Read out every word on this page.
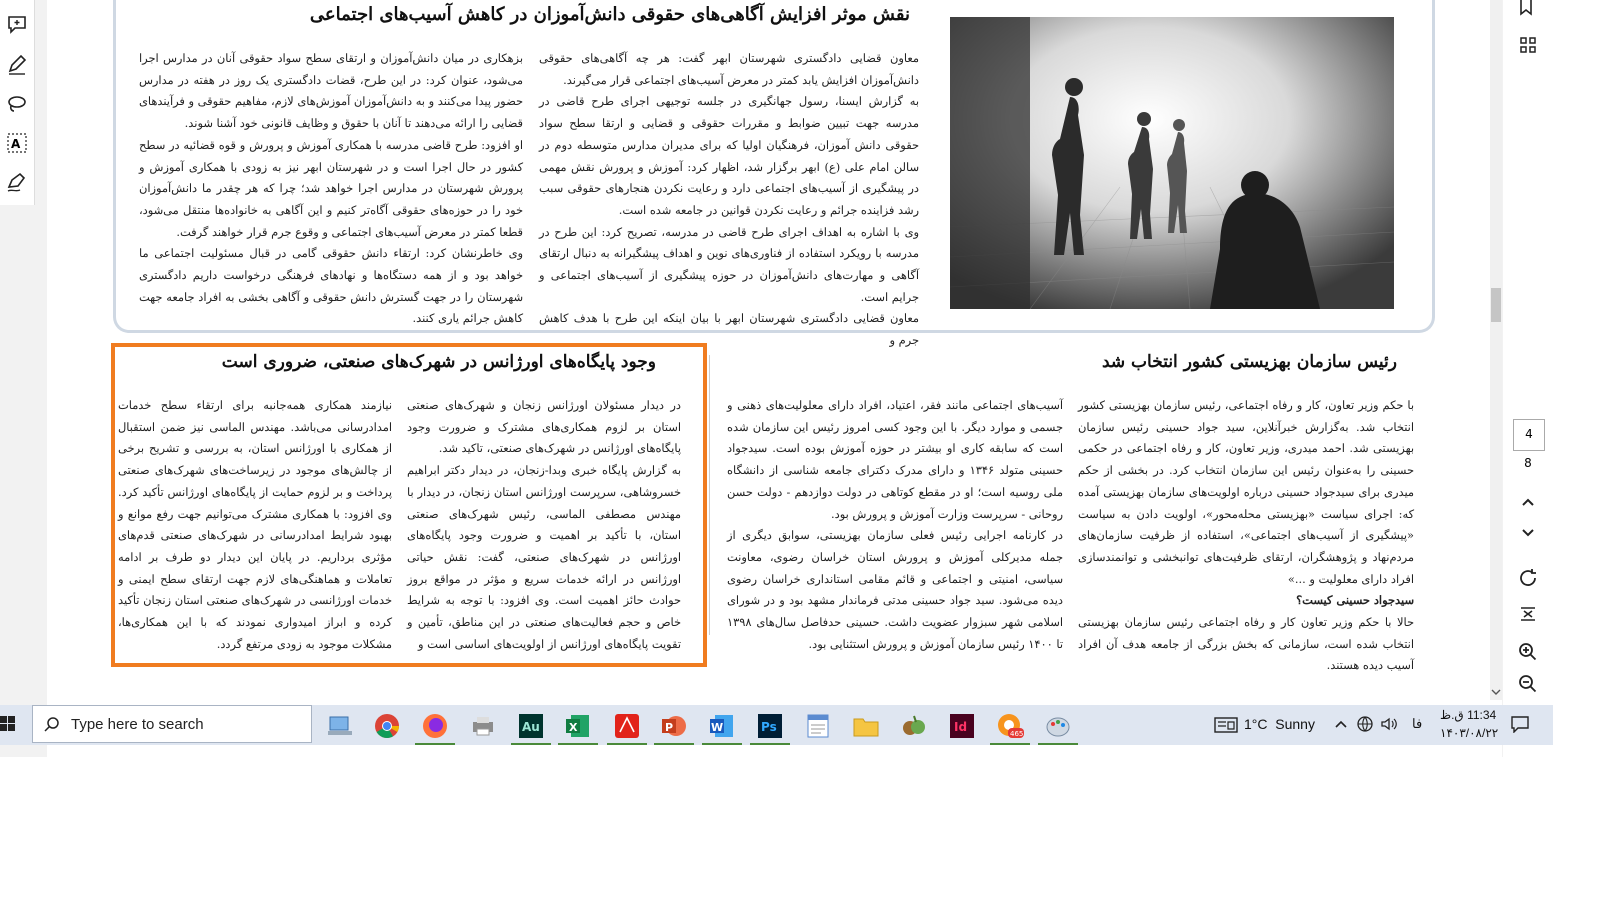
A
نقش موثر افزایش آگاهی‌های حقوقی دانش‌آموزان در کاهش آسیب‌های اجتماعی

معاون قضایی دادگستری شهرستان ابهر گفت: هر چه آگاهی‌های حقوقی دانش‌آموزان افزایش یابد کمتر در معرض آسیب‌های اجتماعی قرار می‌گیرند.

به گزارش ایسنا، رسول جهانگیری در جلسه توجیهی اجرای طرح قاضی در مدرسه جهت تبیین ضوابط و مقررات حقوقی و قضایی و ارتقا سطح سواد حقوقی دانش آموزان، فرهنگیان اولیا که برای مدیران مدارس متوسطه دوم در سالن امام علی (ع) ابهر برگزار شد، اظهار کرد: آموزش و پرورش نقش مهمی در پیشگیری از آسیب‌های اجتماعی دارد و رعایت نکردن هنجارهای حقوقی سبب رشد فزاینده جرائم و رعایت نکردن قوانین در جامعه شده است.

وی با اشاره به اهداف اجرای طرح قاضی در مدرسه، تصریح کرد: این طرح در مدرسه با رویکرد استفاده از فناوری‌های نوین و اهداف پیشگیرانه به دنبال ارتقای آگاهی و مهارت‌های دانش‌آموزان در حوزه پیشگیری از آسیب‌های اجتماعی و جرایم است.

معاون قضایی دادگستری شهرستان ابهر با بیان اینکه این طرح با هدف کاهش جرم و

بزهکاری در میان دانش‌آموزان و ارتقای سطح سواد حقوقی آنان در مدارس اجرا می‌شود، عنوان کرد: در این طرح، قضات دادگستری یک روز در هفته در مدارس حضور پیدا می‌کنند و به دانش‌آموزان آموزش‌های لازم، مفاهیم حقوقی و فرآیندهای قضایی را ارائه می‌دهند تا آنان با حقوق و وظایف قانونی خود آشنا شوند.

او افزود: طرح قاضی مدرسه با همکاری آموزش و پرورش و قوه قضائیه در سطح کشور در حال اجرا است و در شهرستان ابهر نیز به زودی با همکاری آموزش و پرورش شهرستان در مدارس اجرا خواهد شد؛ چرا که هر چقدر ما دانش‌آموزان خود را در حوزه‌های حقوقی آگاه‌تر کنیم و این آگاهی به خانواده‌ها منتقل می‌شود، قطعا کمتر در معرض آسیب‌های اجتماعی و وقوع جرم قرار خواهند گرفت.

وی خاطرنشان کرد: ارتقاء دانش حقوقی گامی در قبال مسئولیت اجتماعی ما خواهد بود و از همه دستگاه‌ها و نهادهای فرهنگی درخواست داریم دادگستری شهرستان را در جهت گسترش دانش حقوقی و آگاهی بخشی به افراد جامعه جهت کاهش جرائم یاری کنند.

رئیس سازمان بهزیستی کشور انتخاب شد

با حکم وزیر تعاون، کار و رفاه اجتماعی، رئیس سازمان بهزیستی کشور انتخاب شد. به‌گزارش خبرآنلاین، سید جواد حسینی رئیس سازمان بهزیستی شد. احمد میدری، وزیر تعاون، کار و رفاه اجتماعی در حکمی حسینی را به‌عنوان رئیس این سازمان انتخاب کرد. در بخشی از حکم میدری برای سیدجواد حسینی درباره اولویت‌های سازمان بهزیستی آمده که: اجرای سیاست «بهزیستی محله‌محور»، اولویت دادن به سیاست «پیشگیری از آسیب‌های اجتماعی»، استفاده از ظرفیت سازمان‌های مردم‌نهاد و پژوهشگران، ارتقای ظرفیت‌های توانبخشی و توانمندسازی افراد دارای معلولیت و ...»

سیدجواد حسینی کیست؟

حالا با حکم وزیر تعاون کار و رفاه اجتماعی رئیس سازمان بهزیستی انتخاب شده است، سازمانی که بخش بزرگی از جامعه هدف آن افراد آسیب دیده هستند.

آسیب‌های اجتماعی مانند فقر، اعتیاد، افراد دارای معلولیت‌های ذهنی و جسمی و موارد دیگر. با این وجود کسی امروز رئیس این سازمان شده است که سابقه کاری او بیشتر در حوزه آموزش بوده است. سیدجواد حسینی متولد ۱۳۴۶ و دارای مدرک دکترای جامعه شناسی از دانشگاه ملی روسیه است؛ او در مقطع کوتاهی در دولت دوازدهم - دولت حسن روحانی - سرپرست وزارت آموزش و پرورش بود.

در کارنامه اجرایی رئیس فعلی سازمان بهزیستی، سوابق دیگری از جمله مدیرکلی آموزش و پرورش استان خراسان رضوی، معاونت سیاسی، امنیتی و اجتماعی و قائم مقامی استانداری خراسان رضوی دیده می‌شود. سید جواد حسینی مدتی فرماندار مشهد بود و در شورای اسلامی شهر سبزوار عضویت داشت. حسینی حدفاصل سال‌های ۱۳۹۸ تا ۱۴۰۰ رئیس سازمان آموزش و پرورش استثنایی بود.

وجود پایگاه‌های اورژانس در شهرک‌های صنعتی، ضروری است

در دیدار مسئولان اورژانس زنجان و شهرک‌های صنعتی استان بر لزوم همکاری‌های مشترک و ضرورت وجود پایگاه‌های اورژانس در شهرک‌های صنعتی، تاکید شد.

به گزارش پایگاه خبری وبدا-زنجان، در دیدار دکتر ابراهیم خسروشاهی، سرپرست اورژانس استان زنجان، در دیدار با مهندس مصطفی الماسی، رئیس شهرک‌های صنعتی استان، با تأکید بر اهمیت و ضرورت وجود پایگاه‌های اورژانس در شهرک‌های صنعتی، گفت: نقش حیاتی اورژانس در ارائه خدمات سریع و مؤثر در مواقع بروز حوادث حائز اهمیت است. وی افزود: با توجه به شرایط خاص و حجم فعالیت‌های صنعتی در این مناطق، تأمین و تقویت پایگاه‌های اورژانس از اولویت‌های اساسی است و

نیازمند همکاری همه‌جانبه برای ارتقاء سطح خدمات امدادرسانی می‌باشد. مهندس الماسی نیز ضمن استقبال از همکاری با اورژانس استان، به بررسی و تشریح برخی از چالش‌های موجود در زیرساخت‌های شهرک‌های صنعتی پرداخت و بر لزوم حمایت از پایگاه‌های اورژانس تأکید کرد. وی افزود: با همکاری مشترک می‌توانیم جهت رفع موانع و بهبود شرایط امدادرسانی در شهرک‌های صنعتی قدم‌های مؤثری برداریم. در پایان این دیدار دو طرف بر ادامه تعاملات و هماهنگی‌های لازم جهت ارتقای سطح ایمنی و خدمات اورژانسی در شهرک‌های صنعتی استان زنجان تأکید کرده و ابراز امیدواری نمودند که با این همکاری‌ها، مشکلات موجود به زودی مرتفع گردد.

4
8
Type here to search	Au	X	P	W	Ps	Id	465
1°C  Sunny	فا
11:34 ق.ظ
۱۴۰۳/۰۸/۲۲
